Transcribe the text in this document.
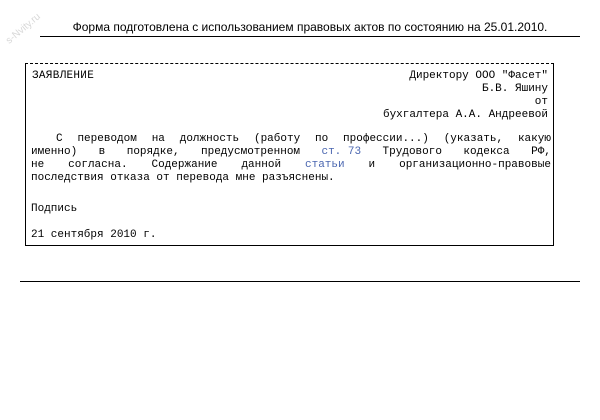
Форма подготовлена с использованием правовых актов по состоянию на 25.01.2010.
s-Nvity.ru
ЗАЯВЛЕНИЕ	Директору ООО "Фасет"
Б.В. Яшину
от
бухгалтера А.А. Андреевой
С переводом на должность (работу по профессии...) (указать, какую
именно) в порядке, предусмотренном ст. 73 Трудового кодекса РФ,
не согласна. Содержание данной статьи и организационно-правовые
последствия отказа от перевода мне разъяснены.
Подпись
21 сентября 2010 г.
